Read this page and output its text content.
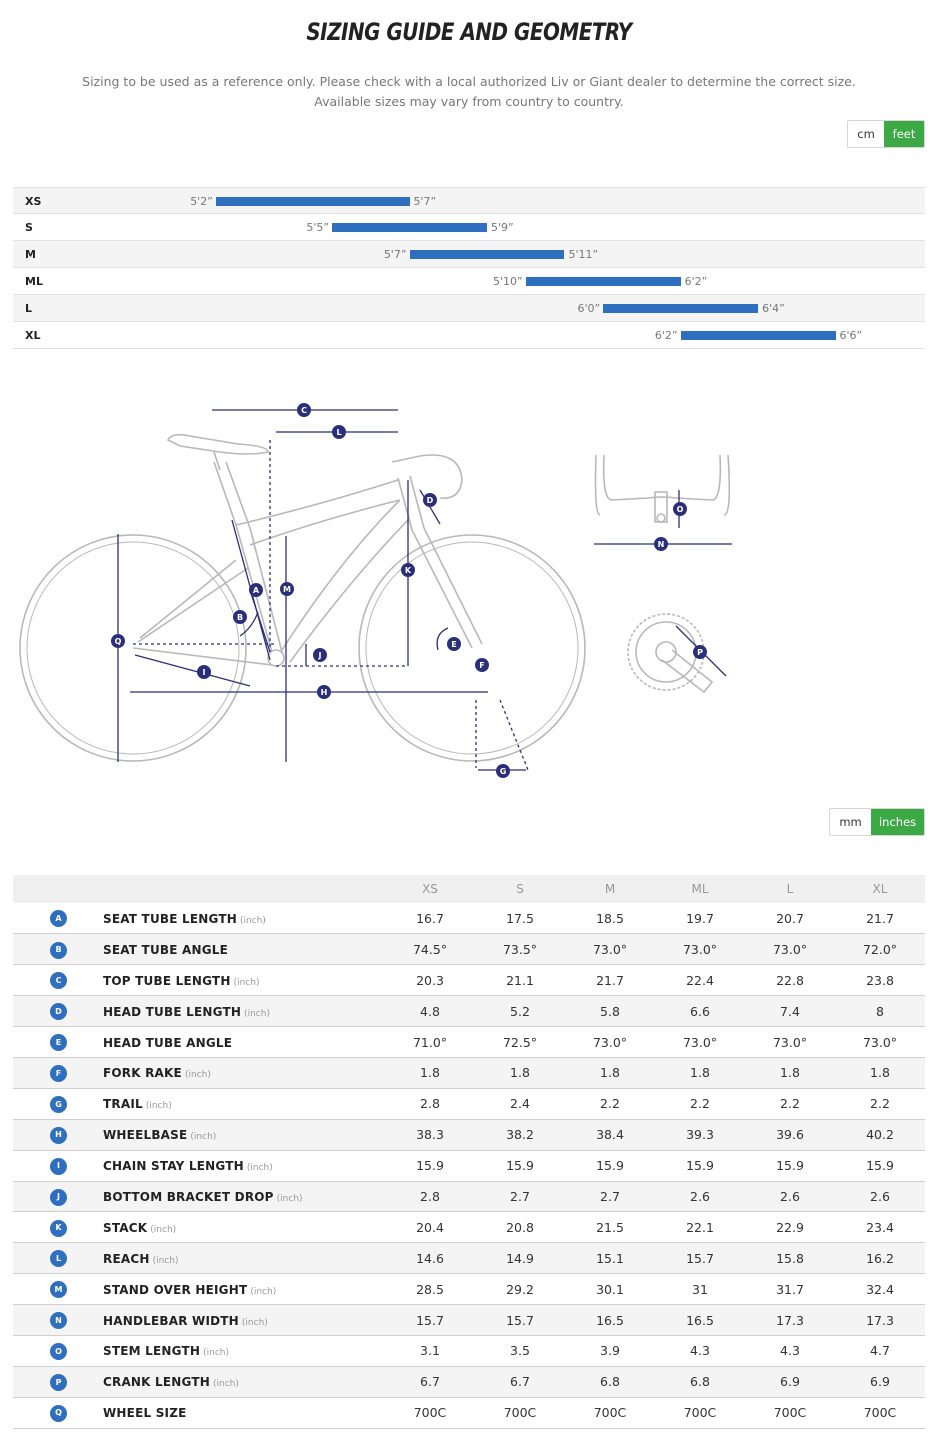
SIZING GUIDE AND GEOMETRY
Sizing to be used as a reference only. Please check with a local authorized Liv or Giant dealer to determine the correct size.
Available sizes may vary from country to country.
cm	feet
XS	5'2”	5'7”
S	5'5”	5'9”
M	5'7”	5'11”
ML	5'10”	6'2”
L	6'0”	6'4”
XL	6'2”	6'6”
A
B
C
D
E
F
G
H
I
J
K
L
M
N
O
P
Q
mm	inches
		XS	S	M	ML	L	XL
A	SEAT TUBE LENGTH (inch)	16.7	17.5	18.5	19.7	20.7	21.7
B	SEAT TUBE ANGLE	74.5°	73.5°	73.0°	73.0°	73.0°	72.0°
C	TOP TUBE LENGTH (inch)	20.3	21.1	21.7	22.4	22.8	23.8
D	HEAD TUBE LENGTH (inch)	4.8	5.2	5.8	6.6	7.4	8
E	HEAD TUBE ANGLE	71.0°	72.5°	73.0°	73.0°	73.0°	73.0°
F	FORK RAKE (inch)	1.8	1.8	1.8	1.8	1.8	1.8
G	TRAIL (inch)	2.8	2.4	2.2	2.2	2.2	2.2
H	WHEELBASE (inch)	38.3	38.2	38.4	39.3	39.6	40.2
I	CHAIN STAY LENGTH (inch)	15.9	15.9	15.9	15.9	15.9	15.9
J	BOTTOM BRACKET DROP (inch)	2.8	2.7	2.7	2.6	2.6	2.6
K	STACK (inch)	20.4	20.8	21.5	22.1	22.9	23.4
L	REACH (inch)	14.6	14.9	15.1	15.7	15.8	16.2
M	STAND OVER HEIGHT (inch)	28.5	29.2	30.1	31	31.7	32.4
N	HANDLEBAR WIDTH (inch)	15.7	15.7	16.5	16.5	17.3	17.3
O	STEM LENGTH (inch)	3.1	3.5	3.9	4.3	4.3	4.7
P	CRANK LENGTH (inch)	6.7	6.7	6.8	6.8	6.9	6.9
Q	WHEEL SIZE	700C	700C	700C	700C	700C	700C
